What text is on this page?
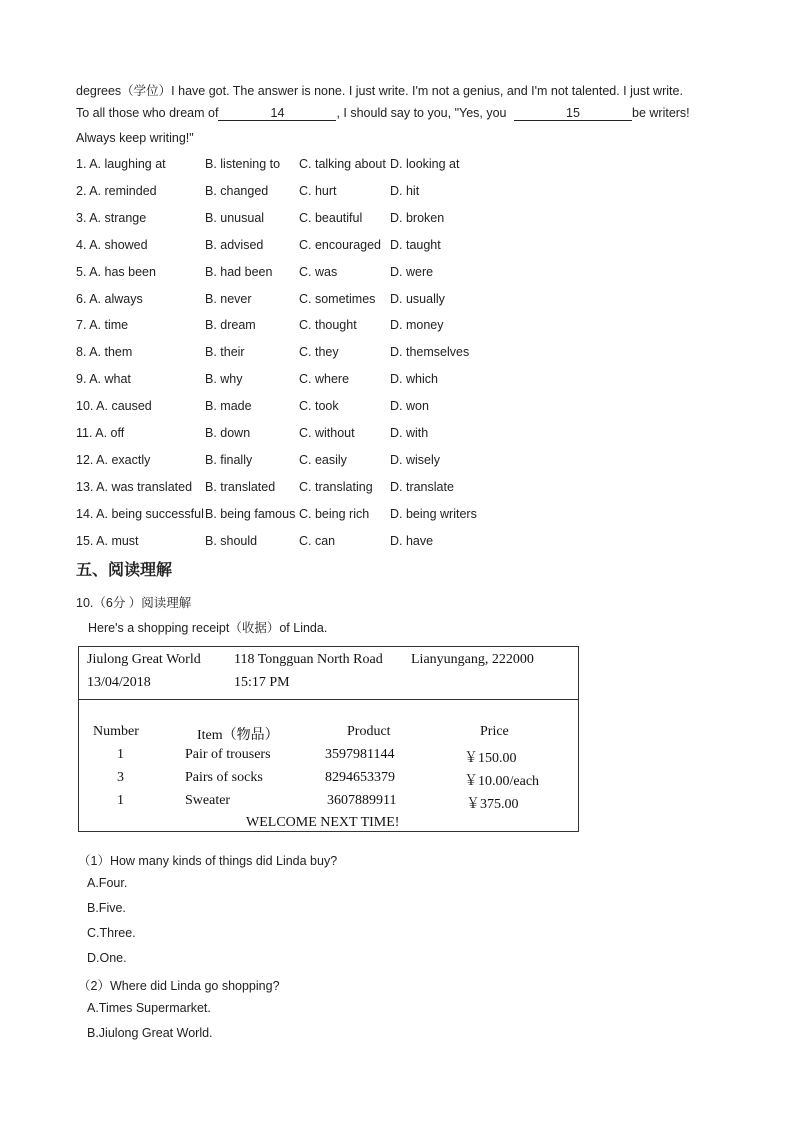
degrees（学位）I have got. The answer is none. I just write. I'm not a genius, and I'm not talented. I just write.
To all those who dream of	14	, I should say to you, "Yes, you	15	be writers!
Always keep writing!"
1. A. laughing at	B. listening to C. talking about D. looking at
2. A. reminded	B. changed C. hurt	D. hit
3. A. strange	B. unusual	C. beautiful D. broken
4. A. showed	B. advised	C. encouraged D. taught
5. A. has been	B. had been C. was	D. were
6. A. always	B. never	C. sometimes D. usually
7. A. time	B. dream	C. thought	D. money
8. A. them	B. their	C. they	D. themselves
9. A. what	B. why	C. where	D. which
10. A. caused	B. made	C. took	D. won
11. A. off	B. down	C. without	D. with
12. A. exactly	B. finally	C. easily	D. wisely
13. A. was translated B. translated C. translating D. translate
14. A. being successful B. being famous C. being rich D. being writers
15. A. must	B. should	C. can	D. have
五、阅读理解
10.（6分 ）阅读理解
Here's a shopping receipt（收据）of Linda.
Jiulong Great World 118 Tongguan North Road Lianyungang, 222000
13/04/2018	15:17 PM
Number	Item（物品）	Product	Price
1	Pair of trousers	3597981144	￥150.00
3	Pairs of socks	8294653379	￥10.00/each
1	Sweater	3607889911	￥375.00
WELCOME NEXT TIME!
（1）How many kinds of things did Linda buy?
A.Four.
B.Five.
C.Three.
D.One.
（2）Where did Linda go shopping?
A.Times Supermarket.
B.Jiulong Great World.
